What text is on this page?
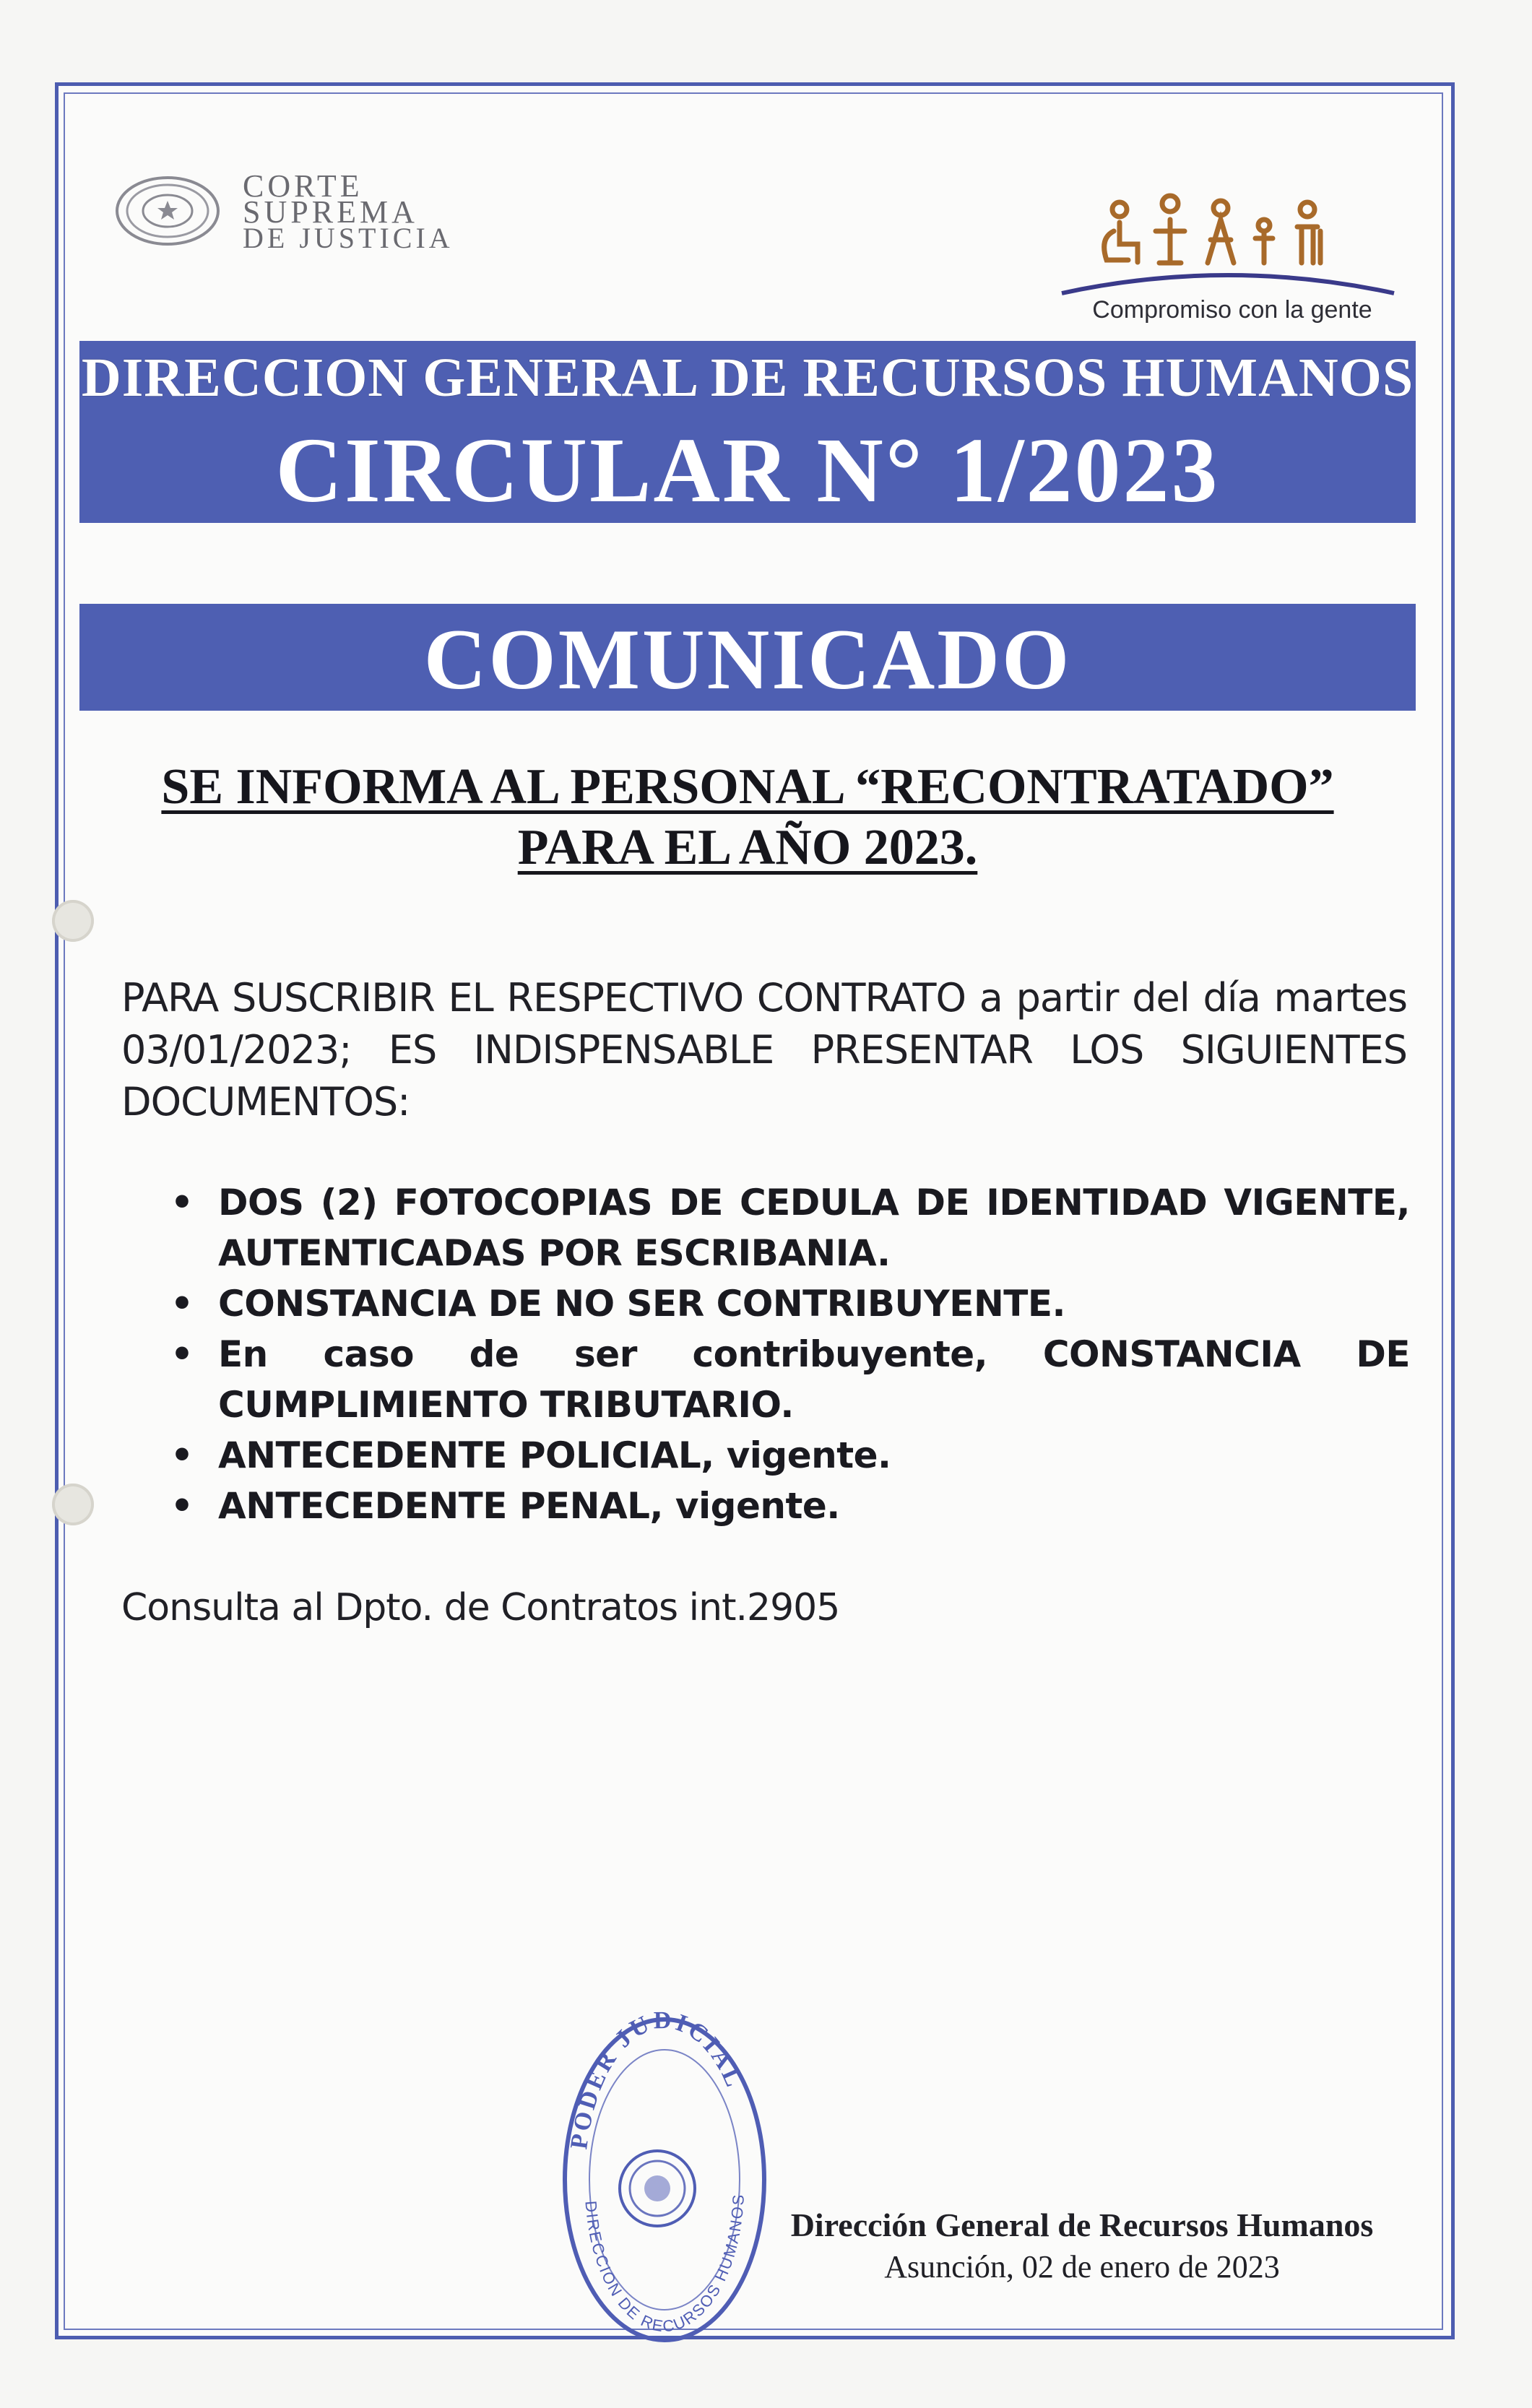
CORTE
SUPREMA
DE JUSTICIA
Compromiso con la gente
DIRECCION GENERAL DE RECURSOS HUMANOS
CIRCULAR N° 1/2023
COMUNICADO
SE INFORMA AL PERSONAL “RECONTRATADO”
PARA EL AÑO 2023.
PARA SUSCRIBIR EL RESPECTIVO CONTRATO a partir del día martes 03/01/2023; ES INDISPENSABLE PRESENTAR LOS SIGUIENTES DOCUMENTOS:
• DOS (2) FOTOCOPIAS DE CEDULA DE IDENTIDAD VIGENTE, AUTENTICADAS POR ESCRIBANIA.
• CONSTANCIA DE NO SER CONTRIBUYENTE.
• En caso de ser contribuyente, CONSTANCIA DE CUMPLIMIENTO TRIBUTARIO.
• ANTECEDENTE POLICIAL, vigente.
• ANTECEDENTE PENAL, vigente.
Consulta al Dpto. de Contratos int.2905
PODER JUDICIAL
DIRECCION DE RECURSOS HUMANOS
Dirección General de Recursos Humanos
Asunción, 02 de enero de 2023
